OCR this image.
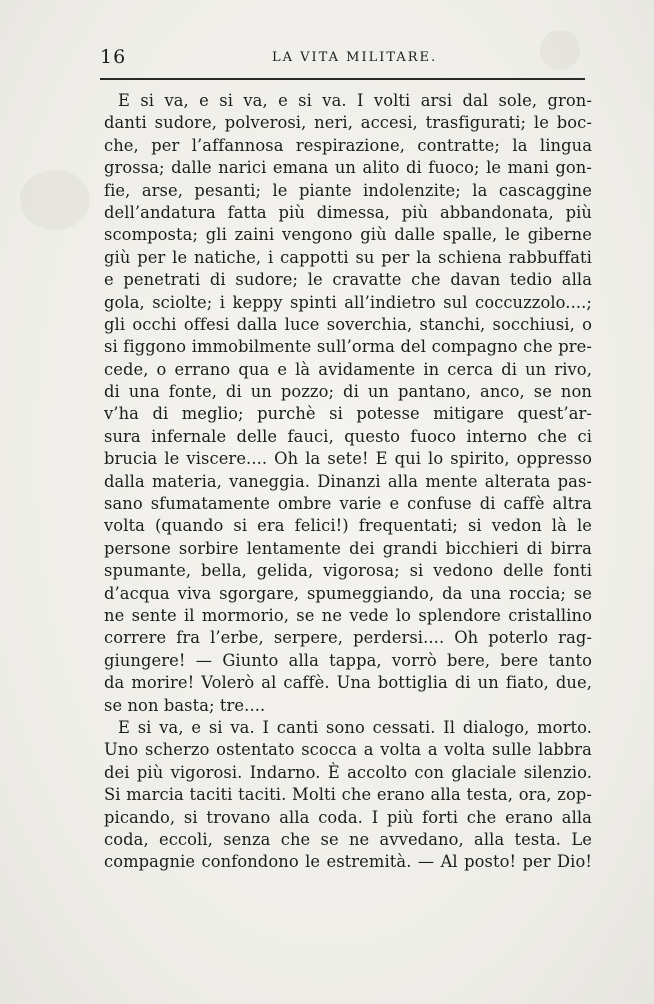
16	LA VITA MILITARE.
E si va, e si va, e si va. I volti arsi dal sole, gron-
danti sudore, polverosi, neri, accesi, trasfigurati; le boc-
che, per l’affannosa respirazione, contratte; la lingua
grossa; dalle narici emana un alito di fuoco; le mani gon-
fie, arse, pesanti; le piante indolenzite; la cascaggine
dell’andatura fatta più dimessa, più abbandonata, più
scomposta; gli zaini vengono giù dalle spalle, le giberne
giù per le natiche, i cappotti su per la schiena rabbuffati
e penetrati di sudore; le cravatte che davan tedio alla
gola, sciolte; i keppy spinti all’indietro sul coccuzzolo....;
gli occhi offesi dalla luce soverchia, stanchi, socchiusi, o
si figgono immobilmente sull’orma del compagno che pre-
cede, o errano qua e là avidamente in cerca di un rivo,
di una fonte, di un pozzo; di un pantano, anco, se non
v’ha di meglio; purchè si potesse mitigare quest’ar-
sura infernale delle fauci, questo fuoco interno che ci
brucia le viscere.... Oh la sete! E qui lo spirito, oppresso
dalla materia, vaneggia. Dinanzi alla mente alterata pas-
sano sfumatamente ombre varie e confuse di caffè altra
volta (quando si era felici!) frequentati; si vedon là le
persone sorbire lentamente dei grandi bicchieri di birra
spumante, bella, gelida, vigorosa; si vedono delle fonti
d’acqua viva sgorgare, spumeggiando, da una roccia; se
ne sente il mormorio, se ne vede lo splendore cristallino
correre fra l’erbe, serpere, perdersi.... Oh poterlo rag-
giungere! — Giunto alla tappa, vorrò bere, bere tanto
da morire! Volerò al caffè. Una bottiglia di un fiato, due,
se non basta; tre....
E si va, e si va. I canti sono cessati. Il dialogo, morto.
Uno scherzo ostentato scocca a volta a volta sulle labbra
dei più vigorosi. Indarno. È accolto con glaciale silenzio.
Si marcia taciti taciti. Molti che erano alla testa, ora, zop-
picando, si trovano alla coda. I più forti che erano alla
coda, eccoli, senza che se ne avvedano, alla testa. Le
compagnie confondono le estremità. — Al posto! per Dio!
